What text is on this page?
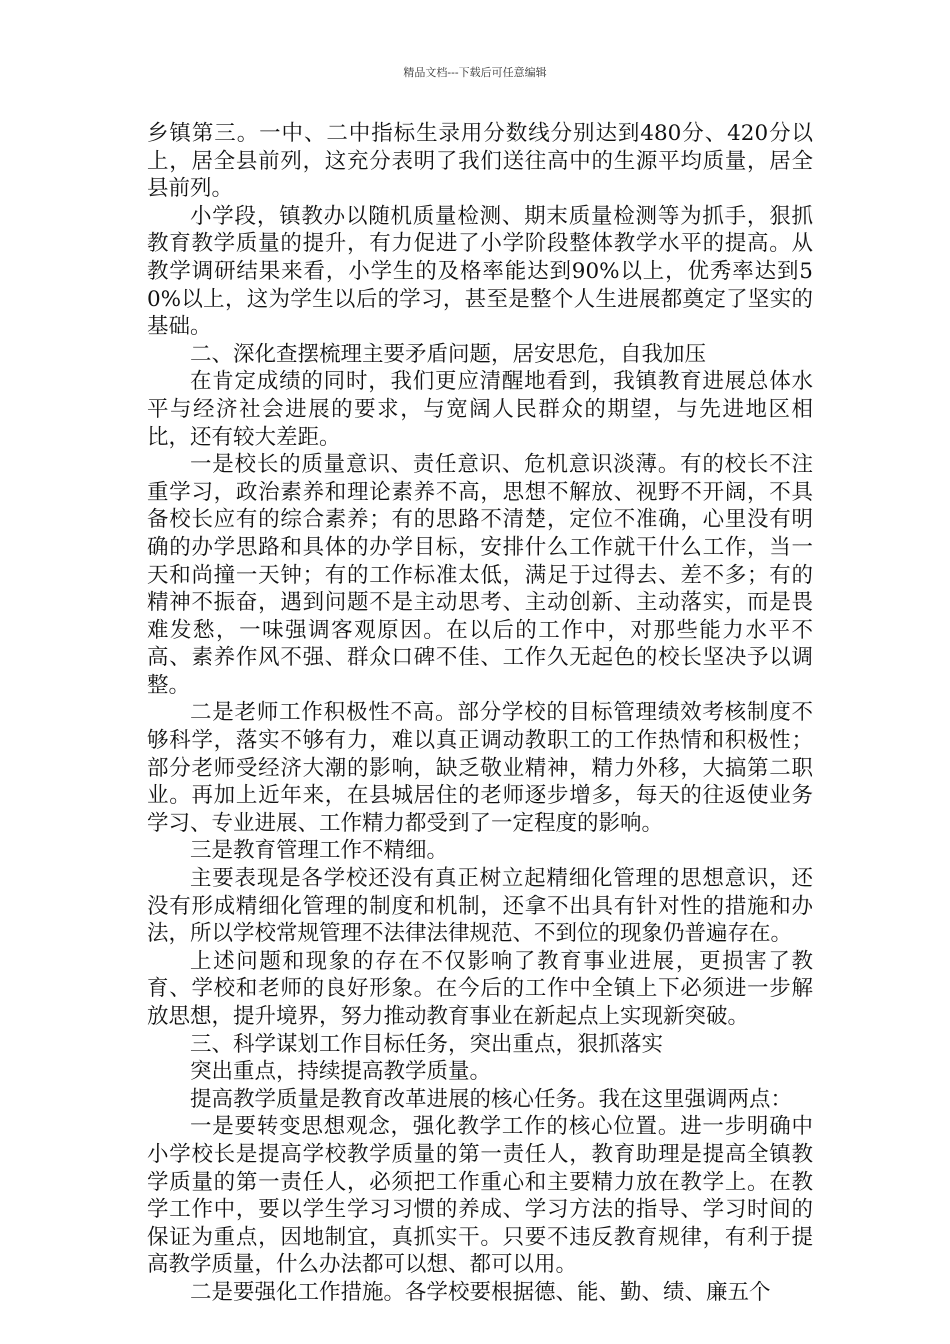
精品文档---下载后可任意编辑

乡镇第三。一中、二中指标生录用分数线分别达到480分、420分以上，居全县前列，这充分表明了我们送往高中的生源平均质量，居全县前列。

小学段，镇教办以随机质量检测、期末质量检测等为抓手，狠抓教育教学质量的提升，有力促进了小学阶段整体教学水平的提高。从教学调研结果来看，小学生的及格率能达到90%以上，优秀率达到50%以上，这为学生以后的学习，甚至是整个人生进展都奠定了坚实的基础。

二、深化查摆梳理主要矛盾问题，居安思危，自我加压

在肯定成绩的同时，我们更应清醒地看到，我镇教育进展总体水平与经济社会进展的要求，与宽阔人民群众的期望，与先进地区相比，还有较大差距。

一是校长的质量意识、责任意识、危机意识淡薄。有的校长不注重学习，政治素养和理论素养不高，思想不解放、视野不开阔，不具备校长应有的综合素养；有的思路不清楚，定位不准确，心里没有明确的办学思路和具体的办学目标，安排什么工作就干什么工作，当一天和尚撞一天钟；有的工作标准太低，满足于过得去、差不多；有的精神不振奋，遇到问题不是主动思考、主动创新、主动落实，而是畏难发愁，一味强调客观原因。在以后的工作中，对那些能力水平不高、素养作风不强、群众口碑不佳、工作久无起色的校长坚决予以调整。

二是老师工作积极性不高。部分学校的目标管理绩效考核制度不够科学，落实不够有力，难以真正调动教职工的工作热情和积极性；部分老师受经济大潮的影响，缺乏敬业精神，精力外移，大搞第二职业。再加上近年来，在县城居住的老师逐步增多，每天的往返使业务学习、专业进展、工作精力都受到了一定程度的影响。

三是教育管理工作不精细。

主要表现是各学校还没有真正树立起精细化管理的思想意识，还没有形成精细化管理的制度和机制，还拿不出具有针对性的措施和办法，所以学校常规管理不法律法律规范、不到位的现象仍普遍存在。

上述问题和现象的存在不仅影响了教育事业进展，更损害了教育、学校和老师的良好形象。在今后的工作中全镇上下必须进一步解放思想，提升境界，努力推动教育事业在新起点上实现新突破。

三、科学谋划工作目标任务，突出重点，狠抓落实

突出重点，持续提高教学质量。

提高教学质量是教育改革进展的核心任务。我在这里强调两点：

一是要转变思想观念，强化教学工作的核心位置。进一步明确中小学校长是提高学校教学质量的第一责任人，教育助理是提高全镇教学质量的第一责任人，必须把工作重心和主要精力放在教学上。在教学工作中，要以学生学习习惯的养成、学习方法的指导、学习时间的保证为重点，因地制宜，真抓实干。只要不违反教育规律，有利于提高教学质量，什么办法都可以想、都可以用。

二是要强化工作措施。各学校要根据德、能、勤、绩、廉五个
